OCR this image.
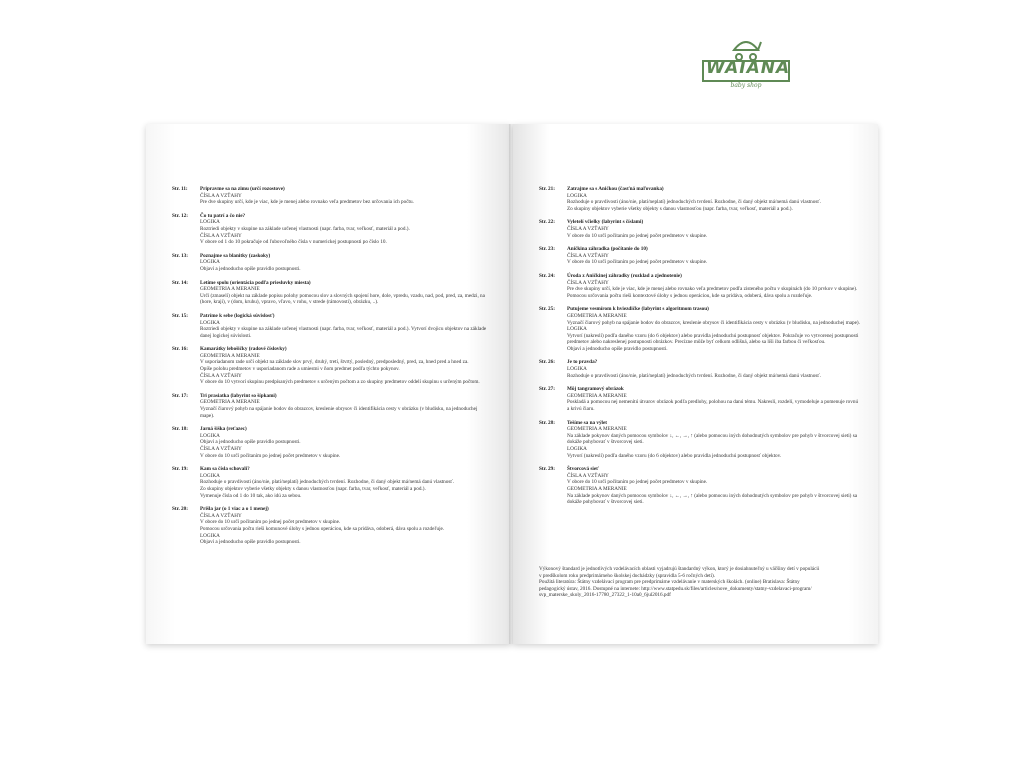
WAIANA
baby shop
Str. 11:	Pripravme sa na zimu (určí rozostove)
ČÍSLA A VZŤAHY
Pre dve skupiny určí, kde je viac, kde je menej alebo rovnako veľa predmetov bez určovania ich počtu.
Str. 12:	Čo tu patrí a čo nie?
LOGIKA
Roztriedi objekty v skupine na základe určenej vlastnosti (napr. farba, tvar, veľkosť, materiál a pod.).
ČÍSLA A VZŤAHY
V obore od 1 do 10 pokračuje od ľubovoľného čísla v numerickej postupnosti po číslo 10.
Str. 13:	Poznajme sa blanitky (zaskoky)
LOGIKA
Objaví a jednoducho opíše pravidlo postupnosti.
Str. 14:	Letíme spolu (orientácia podľa priesluvky miesta)
GEOMETRIA A MERANIE
Určí (zmaselí) objekt na základe popisu polohy pomocou slov a slovných spojení hore, dole, vpredu, vzadu, nad, pod, pred, za, medzi, na (hore, kraji), v (dom, kruhu), vpravo, vľavo, v rohu, v strede (rámovosti), obrázku, ..).
Str. 15:	Patríme k sebe (logická súvislosť)
LOGIKA
Roztriedi objekty v skupine na základe určenej vlastnosti (napr. farba, tvar, veľkosť, materiál a pod.). Vytvorí dvojicu objektov na základe danej logickej súvislosti.
Str. 16:	Kamarátky lebošičky (radové číslovky)
GEOMETRIA A MERANIE
V usporiadanom rade určí objekt na základe slov prvý, druhý, tretí, štvrtý, posledný, predposledný, pred, za, hned pred a hned za.
Opíše polohu predmetov v usporiadanom rade a umiestni v ňom predmet podľa týchto pokynov.
ČÍSLA A VZŤAHY
V obore do 10 vytvorí skupinu predpísaných predmetov s určeným počtom a zo skupiny predmetov oddelí skupinu s určeným počtom.
Str. 17:	Tri prasiatka (labyrint so šípkami)
GEOMETRIA A MERANIE
Vyznačí čiarový pohyb na spájanie bodov do obrazcov, kreslenie obrysov či identifikácia cesty v obrázku (v bludisku, na jednoduchej mape).
Str. 18:	Jarná šiška (reťazec)
LOGIKA
Objaví a jednoducho opíše pravidlo postupnosti.
ČÍSLA A VZŤAHY
V obore do 10 určí počítaním po jednej počet predmetov v skupine.
Str. 19:	Kam sa čísla schovali?
LOGIKA
Rozhoduje o pravdivosti (áno/nie, platí/neplatí) jednoduchých tvrdení. Rozhodne, či daný objekt má/nemá danú vlastnosť.
Zo skupiny objektov vyberie všetky objekty s danou vlastnosťou (napr. farba, tvar, veľkosť, materiál a pod.).
Vymenuje čísla od 1 do 10 tak, ako idú za sebou.
Str. 20:	Prišla jar (o 1 viac a o 1 menej)
ČÍSLA A VZŤAHY
V obore do 10 určí počítaním po jednej počet predmetov v skupine.
Pomocou určovania počtu rieši komunové úlohy s jednou operáciou, kde sa pridáva, odoberá, dáva spolu a rozdeľuje.
LOGIKA
Objaví a jednoducho opíše pravidlo postupnosti.
Str. 21:	Zatrajme sa s Aničkou (časťná maľovanka)
LOGIKA
Rozhoduje o pravdivosti (áno/nie, platí/neplatí) jednoduchých tvrdení. Rozhodne, či daný objekt má/nemá danú vlastnosť.
Zo skupiny objektov vyberie všetky objekty s danou vlastnosťou (napr. farba, tvar, veľkosť, materiál a pod.).
Str. 22:	Vyletelí včielky (labyrint s číslami)
ČÍSLA A VZŤAHY
V obore do 10 určí počítaním po jednej počet predmetov v skupine.
Str. 23:	Aničkina záhradka (počítanie do 10)
ČÍSLA A VZŤAHY
V obore do 10 určí počítaním po jednej počet predmetov v skupine.
Str. 24:	Úroda z Aničkinej záhradky (rozklad a zjednotenie)
ČÍSLA A VZŤAHY
Pre dve skupiny určí, kde je viac, kde je menej alebo rovnako veľa predmetov podľa zisteného počtu v skupinách (do 10 prvkov v skupine).
Pomocou určovania počtu rieši kontextové úlohy s jednou operáciou, kde sa pridáva, odoberá, dáva spolu a rozdeľuje.
Str. 25:	Putujeme vesmírom k hviezdičke (labyrint s algoritmom trasou)
GEOMETRIA A MERANIE
Vyznačí čiarový pohyb na spájanie bodov do obrazcov, kreslenie obrysov či identifikácia cesty v obrázku (v bludisku, na jednoduchej mape).
LOGIKA
Vytvorí (nakreslí) podľa daného vzoru (do 6 objektov) alebo pravidla jednoduchú postupnosť objektov. Pokračuje vo vytvorenej postupnosti predmetov alebo nakreslenej postupnosti obrázkov. Precízne môže byť celkom odlišná, alebo sa líši iba farbou či veľkosťou.
Objaví a jednoducho opíše pravidlo postupnosti.
Str. 26:	Je to pravda?
LOGIKA
Rozhoduje o pravdivosti (áno/nie, platí/neplatí) jednoduchých tvrdení. Rozhodne, či daný objekt má/nemá danú vlastnosť.
Str. 27:	Môj tangramový obrázok
GEOMETRIA A MERANIE
Poskladá a pomocou nej nemenitú útvarov obrázok podľa predlohy, polohou na danú tému. Nakreslí, rozdelí, vymodeluje a pomenuje rovnú a krivú čiaru.
Str. 28:	Tešíme sa na výlet
GEOMETRIA A MERANIE
Na základe pokynov daných pomocou symbolov ↓, ←, →, ↑ (alebo pomocou iných dohodnutých symbolov pre pohyb v štvorcovej sieti) sa dokáže pohybovať v štvorcovej sieti.
LOGIKA
Vytvorí (nakreslí) podľa daného vzoru (do 6 objektov) alebo pravidla jednoduchú postupnosť objektov.
Str. 29:	Štvorcová sieť
ČÍSLA A VZŤAHY
V obore do 10 určí počítaním po jednej počet predmetov v skupine.
GEOMETRIA A MERANIE
Na základe pokynov daných pomocou symbolov ↓, ←, →, ↑ (alebo pomocou iných dohodnutých symbolov pre pohyb v štvorcovej sieti) sa dokáže pohybovať v štvorcovej sieti.
Výkonový štandard je jednotlivých vzdelávacích oblasti vyjadrujú štandardný výkon, ktorý je dosiahnuteľný u väčšiny detí v populácii
v predškolom roku predprimárneho školskej dochádzky (spravidla 5-6 ročných detí).
Použitá literatúra: Štátny vzdelávací program pre predprimárne vzdelávanie v materských školách. (online) Bratislava: Štátny
pedagogický ústav, 2016. Dostupné na internete: http://www.statpedu.sk/files/articles/nove_dokumenty/statny-vzdelavaci-program/
svp_materske_skoly_2016-17780_27322_1-10a0_6jul2016.pdf
